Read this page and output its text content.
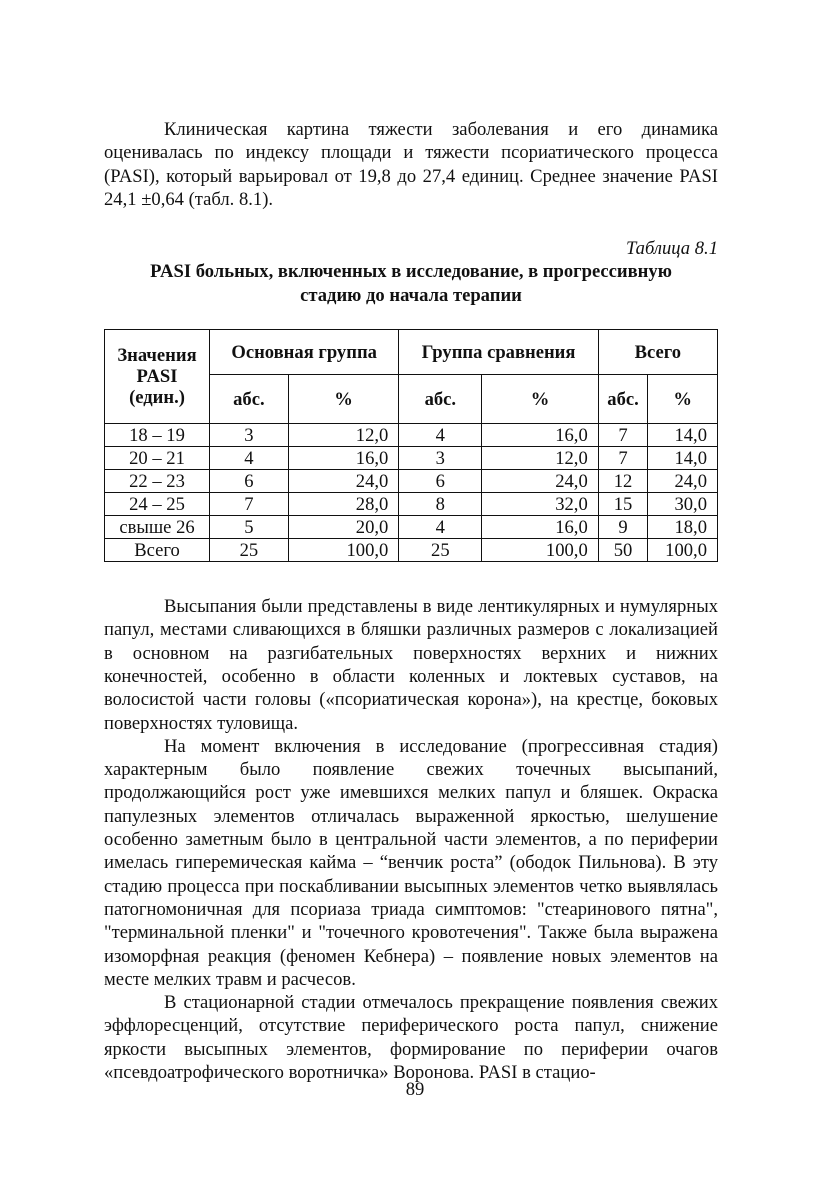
Клиническая картина тяжести заболевания и его динамика оценивалась по индексу площади и тяжести псориатического процесса (PASI), который варьировал от 19,8 до 27,4 единиц. Среднее значение PASI 24,1 ±0,64 (табл. 8.1).

Таблица 8.1

PASI больных, включенных в исследование, в прогрессивную стадию до начала терапии

Значения PASI (един.)	Основная группа		Группа сравнения		Всего	
	абс.	%	абс.	%	абс.	%
18 – 19	3	12,0	4	16,0	7	14,0
20 – 21	4	16,0	3	12,0	7	14,0
22 – 23	6	24,0	6	24,0	12	24,0
24 – 25	7	28,0	8	32,0	15	30,0
свыше 26	5	20,0	4	16,0	9	18,0
Всего	25	100,0	25	100,0	50	100,0

Высыпания были представлены в виде лентикулярных и нумулярных папул, местами сливающихся в бляшки различных размеров с локализацией в основном на разгибательных поверхностях верхних и нижних конечностей, особенно в области коленных и локтевых суставов, на волосистой части головы («псориатическая корона»), на крестце, боковых поверхностях туловища.

На момент включения в исследование (прогрессивная стадия) характерным было появление свежих точечных высыпаний, продолжающийся рост уже имевшихся мелких папул и бляшек. Окраска папулезных элементов отличалась выраженной яркостью, шелушение особенно заметным было в центральной части элементов, а по периферии имелась гиперемическая кайма – “венчик роста” (ободок Пильнова). В эту стадию процесса при поскабливании высыпных элементов четко выявлялась патогномоничная для псориаза триада симптомов: "стеаринового пятна", "терминальной пленки" и "точечного кровотечения". Также была выражена изоморфная реакция (феномен Кебнера) – появление новых элементов на месте мелких травм и расчесов.

В стационарной стадии отмечалось прекращение появления свежих эффлоресценций, отсутствие периферического роста папул, снижение яркости высыпных элементов, формирование по периферии очагов «псевдоатрофического воротничка» Воронова. PASI в стацио-

89
